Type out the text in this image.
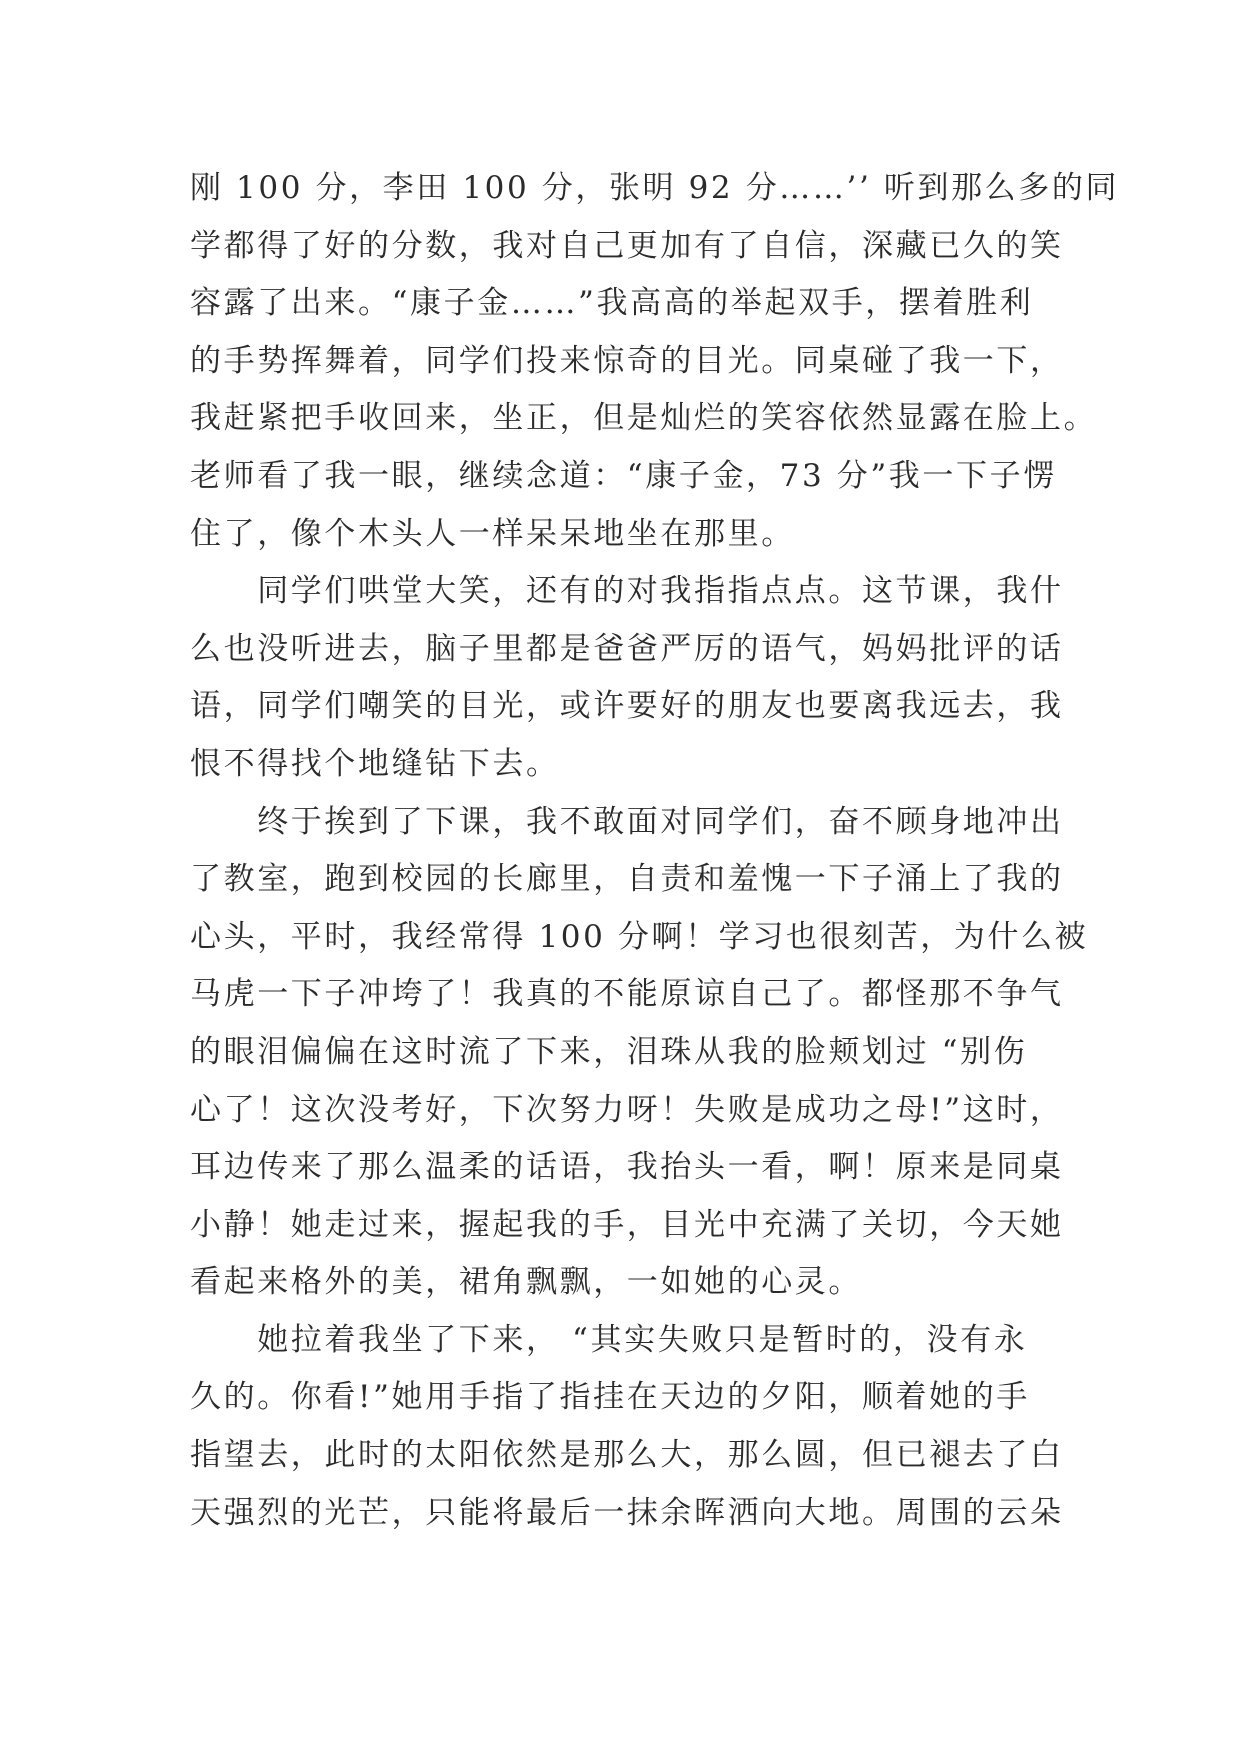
刚 100 分，李田 100 分，张明 92 分……’’ 听到那么多的同
学都得了好的分数，我对自己更加有了自信，深藏已久的笑
容露了出来。“康子金……”我高高的举起双手，摆着胜利
的手势挥舞着，同学们投来惊奇的目光。同桌碰了我一下，
我赶紧把手收回来，坐正，但是灿烂的笑容依然显露在脸上。
老师看了我一眼，继续念道：“康子金，73 分”我一下子愣
住了，像个木头人一样呆呆地坐在那里。
　　同学们哄堂大笑，还有的对我指指点点。这节课，我什
么也没听进去，脑子里都是爸爸严厉的语气，妈妈批评的话
语，同学们嘲笑的目光，或许要好的朋友也要离我远去，我
恨不得找个地缝钻下去。
　　终于挨到了下课，我不敢面对同学们，奋不顾身地冲出
了教室，跑到校园的长廊里，自责和羞愧一下子涌上了我的
心头，平时，我经常得 100 分啊！学习也很刻苦，为什么被
马虎一下子冲垮了！我真的不能原谅自己了。都怪那不争气
的眼泪偏偏在这时流了下来，泪珠从我的脸颊划过 “别伤
心了！这次没考好，下次努力呀！失败是成功之母!”这时，
耳边传来了那么温柔的话语，我抬头一看，啊！原来是同桌
小静！她走过来，握起我的手，目光中充满了关切，今天她
看起来格外的美，裙角飘飘，一如她的心灵。
　　她拉着我坐了下来， “其实失败只是暂时的，没有永
久的。你看!”她用手指了指挂在天边的夕阳，顺着她的手
指望去，此时的太阳依然是那么大，那么圆，但已褪去了白
天强烈的光芒，只能将最后一抹余晖洒向大地。周围的云朵
